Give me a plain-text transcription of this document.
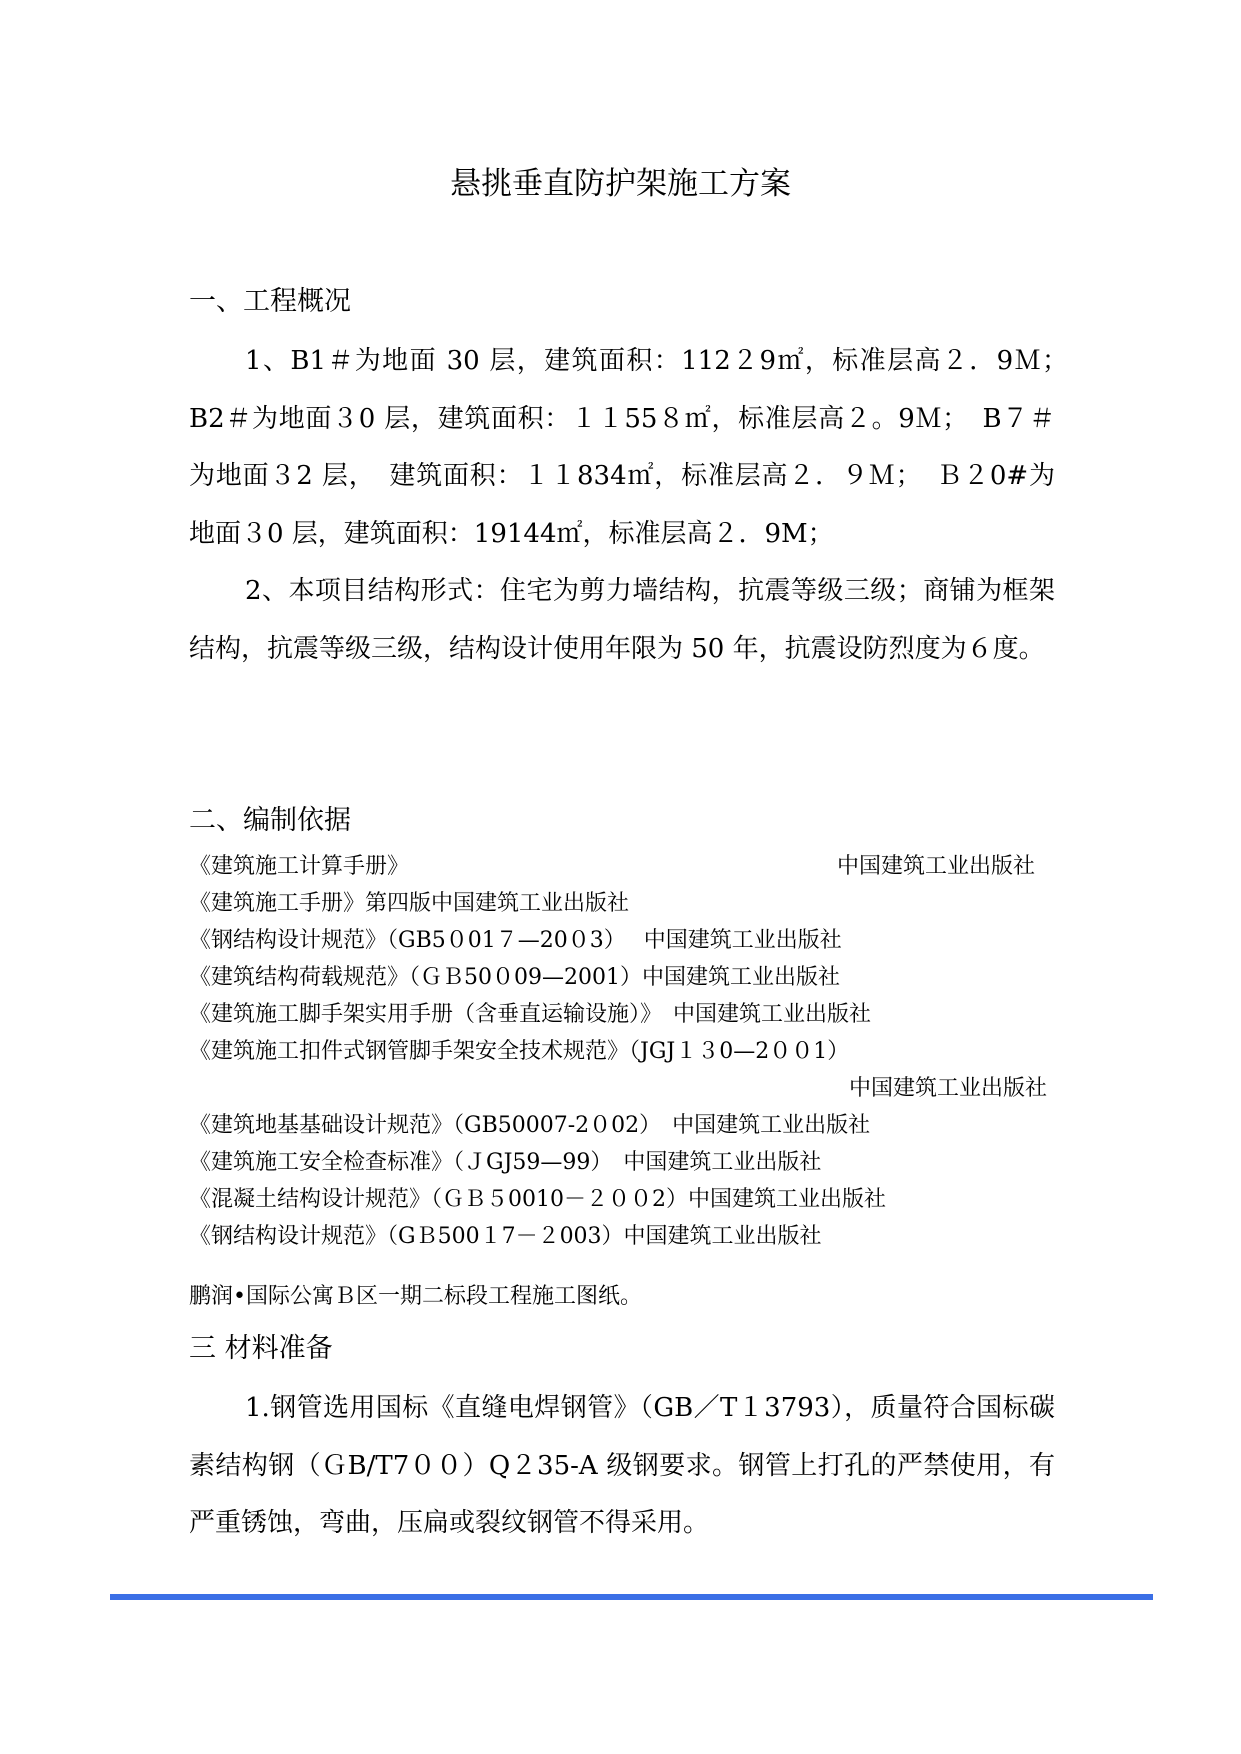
悬挑垂直防护架施工方案
一、工程概况
1、B1＃为地面 30 层，建筑面积：112２9㎡，标准层高２．9Ｍ；　B2＃为地面３0 层，建筑面积：１１55８㎡，标准层高２。9Ｍ；　B７＃为地面３2 层，　建筑面积：１１834㎡，标准层高２．９Ｍ；　Ｂ２0#为地面３0 层，建筑面积：19144㎡，标准层高２．9M；
2、本项目结构形式：住宅为剪力墙结构，抗震等级三级；商铺为框架结构，抗震等级三级，结构设计使用年限为 50 年，抗震设防烈度为６度。
二、编制依据
《建筑施工计算手册》	中国建筑工业出版社
《建筑施工手册》第四版中国建筑工业出版社
《钢结构设计规范》（GB5０01７—20０3）　 中国建筑工业出版社
《建筑结构荷载规范》（ＧＢ50０09—2001）中国建筑工业出版社
《建筑施工脚手架实用手册（含垂直运输设施）》　中国建筑工业出版社
《建筑施工扣件式钢管脚手架安全技术规范》（JGJ１３0—2００1）
中国建筑工业出版社
《建筑地基基础设计规范》（GB50007-2０02）　中国建筑工业出版社
《建筑施工安全检查标准》（ＪGJ59—99）　中国建筑工业出版社
《混凝土结构设计规范》（ＧＢ５0010－２００2）中国建筑工业出版社
《钢结构设计规范》（GＢ500１7－２003）中国建筑工业出版社
鹏润•国际公寓Ｂ区一期二标段工程施工图纸。
三 材料准备
1.钢管选用国标《直缝电焊钢管》（GB／T１3793），质量符合国标碳素结构钢（ＧB/T7００）Q２35-A 级钢要求。钢管上打孔的严禁使用，有严重锈蚀，弯曲，压扁或裂纹钢管不得采用。
